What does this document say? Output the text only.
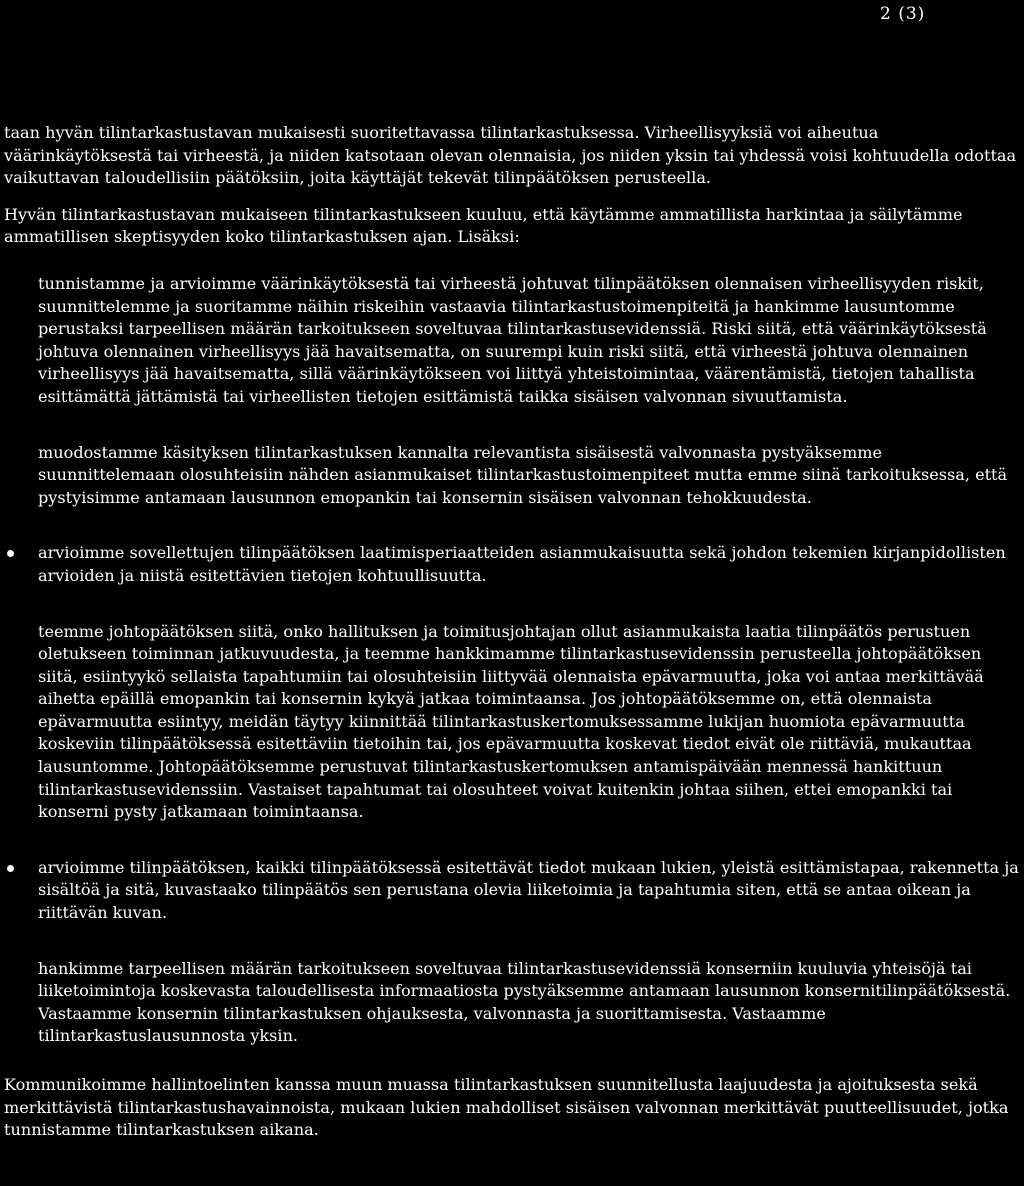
2 (3)

taan hyvän tilintarkastustavan mukaisesti suoritettavassa tilintarkastuksessa. Virheellisyyksiä voi aiheutua väärinkäytöksestä tai virheestä, ja niiden katsotaan olevan olennaisia, jos niiden yksin tai yhdessä voisi kohtuudella odottaa vaikuttavan taloudellisiin päätöksiin, joita käyttäjät tekevät tilinpäätöksen perusteella.

Hyvän tilintarkastustavan mukaiseen tilintarkastukseen kuuluu, että käytämme ammatillista harkintaa ja säilytämme ammatillisen skeptisyyden koko tilintarkastuksen ajan. Lisäksi:

tunnistamme ja arvioimme väärinkäytöksestä tai virheestä johtuvat tilinpäätöksen olennaisen virheellisyyden riskit, suunnittelemme ja suoritamme näihin riskeihin vastaavia tilintarkastustoimenpiteitä ja hankimme lausuntomme perustaksi tarpeellisen määrän tarkoitukseen soveltuvaa tilintarkastusevidenssiä. Riski siitä, että väärinkäytöksestä johtuva olennainen virheellisyys jää havaitsematta, on suurempi kuin riski siitä, että virheestä johtuva olennainen virheellisyys jää havaitsematta, sillä väärinkäytökseen voi liittyä yhteistoimintaa, väärentämistä, tietojen tahallista esittämättä jättämistä tai virheellisten tietojen esittämistä taikka sisäisen valvonnan sivuuttamista.
muodostamme käsityksen tilintarkastuksen kannalta relevantista sisäisestä valvonnasta pystyäksemme suunnittelemaan olosuhteisiin nähden asianmukaiset tilintarkastustoimenpiteet mutta emme siinä tarkoituksessa, että pystyisimme antamaan lausunnon emopankin tai konsernin sisäisen valvonnan tehokkuudesta.
arvioimme sovellettujen tilinpäätöksen laatimisperiaatteiden asianmukaisuutta sekä johdon tekemien kirjanpidollisten arvioiden ja niistä esitettävien tietojen kohtuullisuutta.
teemme johtopäätöksen siitä, onko hallituksen ja toimitusjohtajan ollut asianmukaista laatia tilinpäätös perustuen oletukseen toiminnan jatkuvuudesta, ja teemme hankkimamme tilintarkastusevidenssin perusteella johtopäätöksen siitä, esiintyykö sellaista tapahtumiin tai olosuhteisiin liittyvää olennaista epävarmuutta, joka voi antaa merkittävää aihetta epäillä emopankin tai konsernin kykyä jatkaa toimintaansa. Jos johtopäätöksemme on, että olennaista epävarmuutta esiintyy, meidän täytyy kiinnittää tilintarkastuskertomuksessamme lukijan huomiota epävarmuutta koskeviin tilinpäätöksessä esitettäviin tietoihin tai, jos epävarmuutta koskevat tiedot eivät ole riittäviä, mukauttaa lausuntomme. Johtopäätöksemme perustuvat tilintarkastuskertomuksen antamispäivään mennessä hankittuun tilintarkastusevidenssiin. Vastaiset tapahtumat tai olosuhteet voivat kuitenkin johtaa siihen, ettei emopankki tai konserni pysty jatkamaan toimintaansa.
arvioimme tilinpäätöksen, kaikki tilinpäätöksessä esitettävät tiedot mukaan lukien, yleistä esittämistapaa, rakennetta ja sisältöä ja sitä, kuvastaako tilinpäätös sen perustana olevia liiketoimia ja tapahtumia siten, että se antaa oikean ja riittävän kuvan.
hankimme tarpeellisen määrän tarkoitukseen soveltuvaa tilintarkastusevidenssiä konserniin kuuluvia yhteisöjä tai liiketoimintoja koskevasta taloudellisesta informaatiosta pystyäksemme antamaan lausunnon konsernitilinpäätöksestä. Vastaamme konsernin tilintarkastuksen ohjauksesta, valvonnasta ja suorittamisesta. Vastaamme tilintarkastuslausunnosta yksin.

Kommunikoimme hallintoelinten kanssa muun muassa tilintarkastuksen suunnitellusta laajuudesta ja ajoituksesta sekä merkittävistä tilintarkastushavainnoista, mukaan lukien mahdolliset sisäisen valvonnan merkittävät puutteellisuudet, jotka tunnistamme tilintarkastuksen aikana.
